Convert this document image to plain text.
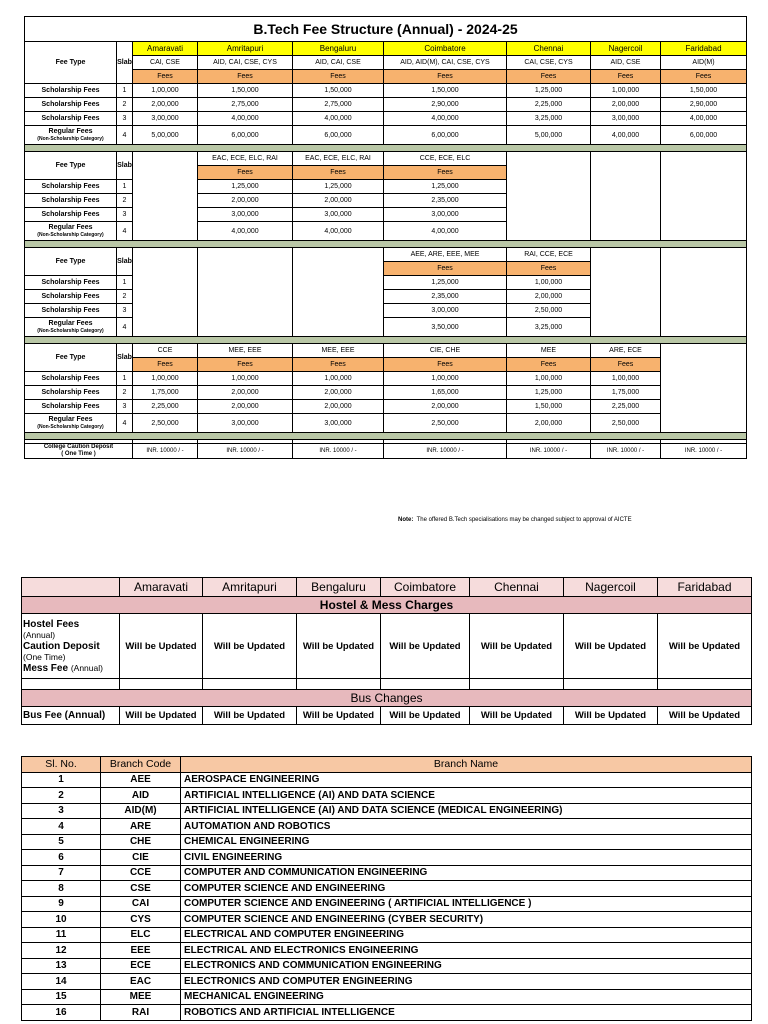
B.Tech Fee Structure (Annual) - 2024-25								
Fee Type	Slab	Amaravati	Amritapuri	Bengaluru	Coimbatore	Chennai	Nagercoil	Faridabad
		CAI, CSE	AID, CAI, CSE, CYS	AID, CAI, CSE	AID, AID(M), CAI, CSE, CYS	CAI, CSE, CYS	AID, CSE	AID(M)
		Fees	Fees	Fees	Fees	Fees	Fees	Fees
Scholarship Fees	1	1,00,000	1,50,000	1,50,000	1,50,000	1,25,000	1,00,000	1,50,000
Scholarship Fees	2	2,00,000	2,75,000	2,75,000	2,90,000	2,25,000	2,00,000	2,90,000
Scholarship Fees	3	3,00,000	4,00,000	4,00,000	4,00,000	3,25,000	3,00,000	4,00,000

Regular Fees
(Non-Scholarship Category)	4	5,00,000	6,00,000	6,00,000	6,00,000	5,00,000	4,00,000	6,00,000

Fee Type	Slab		EAC, ECE, ELC, RAI	EAC, ECE, ELC, RAI	CCE, ECE, ELC			
			Fees	Fees	Fees			
Scholarship Fees	1		1,25,000	1,25,000	1,25,000			
Scholarship Fees	2		2,00,000	2,00,000	2,35,000			
Scholarship Fees	3		3,00,000	3,00,000	3,00,000			

Regular Fees
(Non-Scholarship Category)	4		4,00,000	4,00,000	4,00,000			

Fee Type	Slab				AEE, ARE, EEE, MEE	RAI, CCE, ECE		
					Fees	Fees		
Scholarship Fees	1				1,25,000	1,00,000		
Scholarship Fees	2				2,35,000	2,00,000		
Scholarship Fees	3				3,00,000	2,50,000		

Regular Fees
(Non-Scholarship Category)	4				3,50,000	3,25,000		

Fee Type	Slab	CCE	MEE, EEE	MEE, EEE	CIE, CHE	MEE	ARE, ECE	
		Fees	Fees	Fees	Fees	Fees	Fees	
Scholarship Fees	1	1,00,000	1,00,000	1,00,000	1,00,000	1,00,000	1,00,000	
Scholarship Fees	2	1,75,000	2,00,000	2,00,000	1,65,000	1,25,000	1,75,000	
Scholarship Fees	3	2,25,000	2,00,000	2,00,000	2,00,000	1,50,000	2,25,000	

Regular Fees
(Non-Scholarship Category)	4	2,50,000	3,00,000	3,00,000	2,50,000	2,00,000	2,50,000	

College Caution Deposit
( One Time )		INR. 10000 / -	INR. 10000 / -	INR. 10000 / -	INR. 10000 / -	INR. 10000 / -	INR. 10000 / -	INR. 10000 / -
Note: The offered B.Tech specialisations may be changed subject to approval of AICTE
	Amaravati	Amritapuri	Bengaluru	Coimbatore	Chennai	Nagercoil	Faridabad
Hostel & Mess Charges							

Hostel Fees
(Annual)
Caution Deposit
(One Time)
Mess Fee (Annual)	Will be Updated	Will be Updated	Will be Updated	Will be Updated	Will be Updated	Will be Updated	Will be Updated

Bus Changes							
Bus Fee (Annual)	Will be Updated	Will be Updated	Will be Updated	Will be Updated	Will be Updated	Will be Updated	Will be Updated
Sl. No.	Branch Code	Branch Name
1	AEE	AEROSPACE ENGINEERING
2	AID	ARTIFICIAL INTELLIGENCE (AI) AND DATA SCIENCE
3	AID(M)	ARTIFICIAL INTELLIGENCE (AI) AND DATA SCIENCE (MEDICAL ENGINEERING)
4	ARE	AUTOMATION AND ROBOTICS
5	CHE	CHEMICAL ENGINEERING
6	CIE	CIVIL ENGINEERING
7	CCE	COMPUTER AND COMMUNICATION ENGINEERING
8	CSE	COMPUTER SCIENCE AND ENGINEERING
9	CAI	COMPUTER SCIENCE AND ENGINEERING ( ARTIFICIAL INTELLIGENCE )
10	CYS	COMPUTER SCIENCE AND ENGINEERING (CYBER SECURITY)
11	ELC	ELECTRICAL AND COMPUTER ENGINEERING
12	EEE	ELECTRICAL AND ELECTRONICS ENGINEERING
13	ECE	ELECTRONICS AND COMMUNICATION ENGINEERING
14	EAC	ELECTRONICS AND COMPUTER ENGINEERING
15	MEE	MECHANICAL ENGINEERING
16	RAI	ROBOTICS AND ARTIFICIAL INTELLIGENCE
